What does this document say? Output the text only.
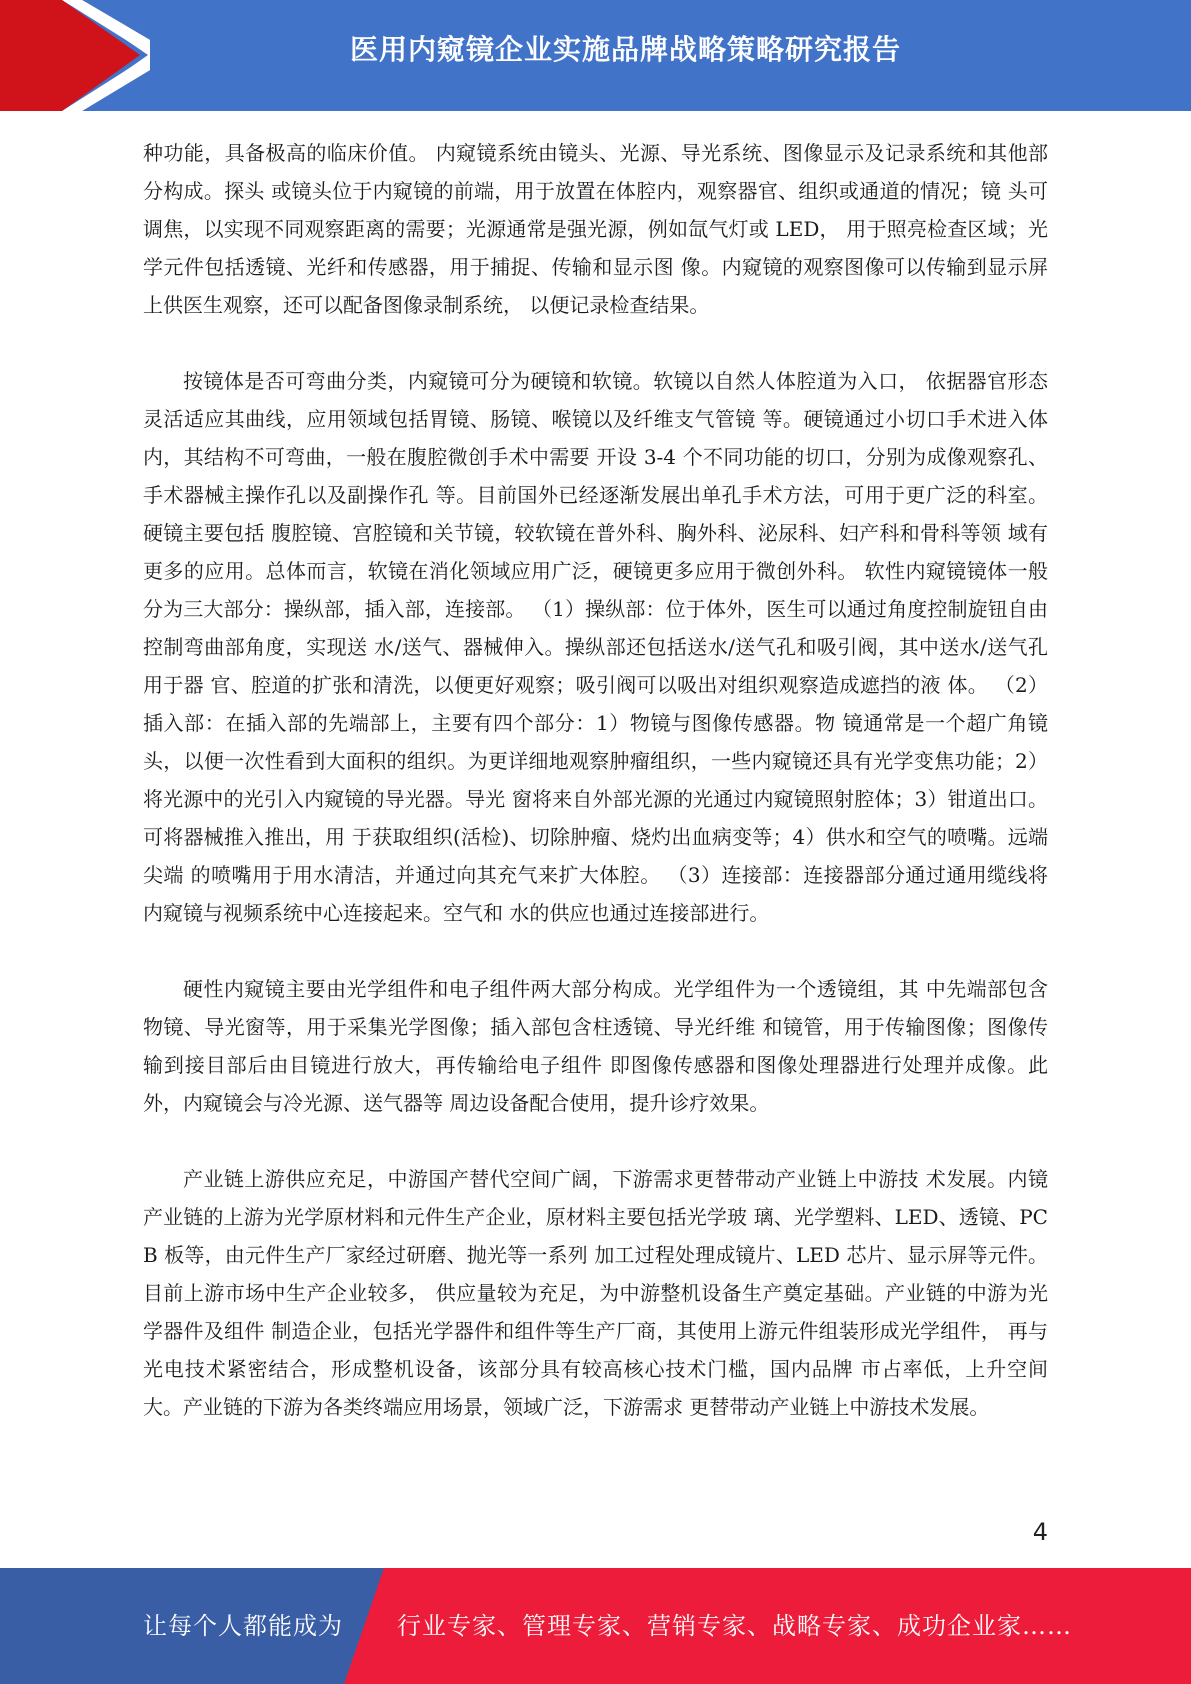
医用内窥镜企业实施品牌战略策略研究报告

种功能，具备极高的临床价值。 内窥镜系统由镜头、光源、导光系统、图像显示及记录系统和其他部分构成。探头 或镜头位于内窥镜的前端，用于放置在体腔内，观察器官、组织或通道的情况；镜 头可调焦，以实现不同观察距离的需要；光源通常是强光源，例如氙气灯或 LED， 用于照亮检查区域；光学元件包括透镜、光纤和传感器，用于捕捉、传输和显示图 像。内窥镜的观察图像可以传输到显示屏上供医生观察，还可以配备图像录制系统， 以便记录检查结果。

按镜体是否可弯曲分类，内窥镜可分为硬镜和软镜。软镜以自然人体腔道为入口， 依据器官形态灵活适应其曲线，应用领域包括胃镜、肠镜、喉镜以及纤维支气管镜 等。硬镜通过小切口手术进入体内，其结构不可弯曲，一般在腹腔微创手术中需要 开设 3-4 个不同功能的切口，分别为成像观察孔、手术器械主操作孔以及副操作孔 等。目前国外已经逐渐发展出单孔手术方法，可用于更广泛的科室。硬镜主要包括 腹腔镜、宫腔镜和关节镜，较软镜在普外科、胸外科、泌尿科、妇产科和骨科等领 域有更多的应用。总体而言，软镜在消化领域应用广泛，硬镜更多应用于微创外科。 软性内窥镜镜体一般分为三大部分：操纵部，插入部，连接部。 （1）操纵部：位于体外，医生可以通过角度控制旋钮自由控制弯曲部角度，实现送 水/送气、器械伸入。操纵部还包括送水/送气孔和吸引阀，其中送水/送气孔用于器 官、腔道的扩张和清洗，以便更好观察；吸引阀可以吸出对组织观察造成遮挡的液 体。 （2）插入部：在插入部的先端部上，主要有四个部分：1）物镜与图像传感器。物 镜通常是一个超广角镜头，以便一次性看到大面积的组织。为更详细地观察肿瘤组织，一些内窥镜还具有光学变焦功能；2）将光源中的光引入内窥镜的导光器。导光 窗将来自外部光源的光通过内窥镜照射腔体；3）钳道出口。可将器械推入推出，用 于获取组织(活检)、切除肿瘤、烧灼出血病变等；4）供水和空气的喷嘴。远端尖端 的喷嘴用于用水清洁，并通过向其充气来扩大体腔。 （3）连接部：连接器部分通过通用缆线将内窥镜与视频系统中心连接起来。空气和 水的供应也通过连接部进行。

硬性内窥镜主要由光学组件和电子组件两大部分构成。光学组件为一个透镜组，其 中先端部包含物镜、导光窗等，用于采集光学图像；插入部包含柱透镜、导光纤维 和镜管，用于传输图像；图像传输到接目部后由目镜进行放大，再传输给电子组件 即图像传感器和图像处理器进行处理并成像。此外，内窥镜会与冷光源、送气器等 周边设备配合使用，提升诊疗效果。

产业链上游供应充足，中游国产替代空间广阔，下游需求更替带动产业链上中游技 术发展。内镜产业链的上游为光学原材料和元件生产企业，原材料主要包括光学玻 璃、光学塑料、LED、透镜、PCB 板等，由元件生产厂家经过研磨、抛光等一系列 加工过程处理成镜片、LED 芯片、显示屏等元件。目前上游市场中生产企业较多， 供应量较为充足，为中游整机设备生产奠定基础。产业链的中游为光学器件及组件 制造企业，包括光学器件和组件等生产厂商，其使用上游元件组装形成光学组件， 再与光电技术紧密结合，形成整机设备，该部分具有较高核心技术门槛，国内品牌 市占率低，上升空间大。产业链的下游为各类终端应用场景，领域广泛，下游需求 更替带动产业链上中游技术发展。

4
让每个人都能成为 行业专家、管理专家、营销专家、战略专家、成功企业家……
